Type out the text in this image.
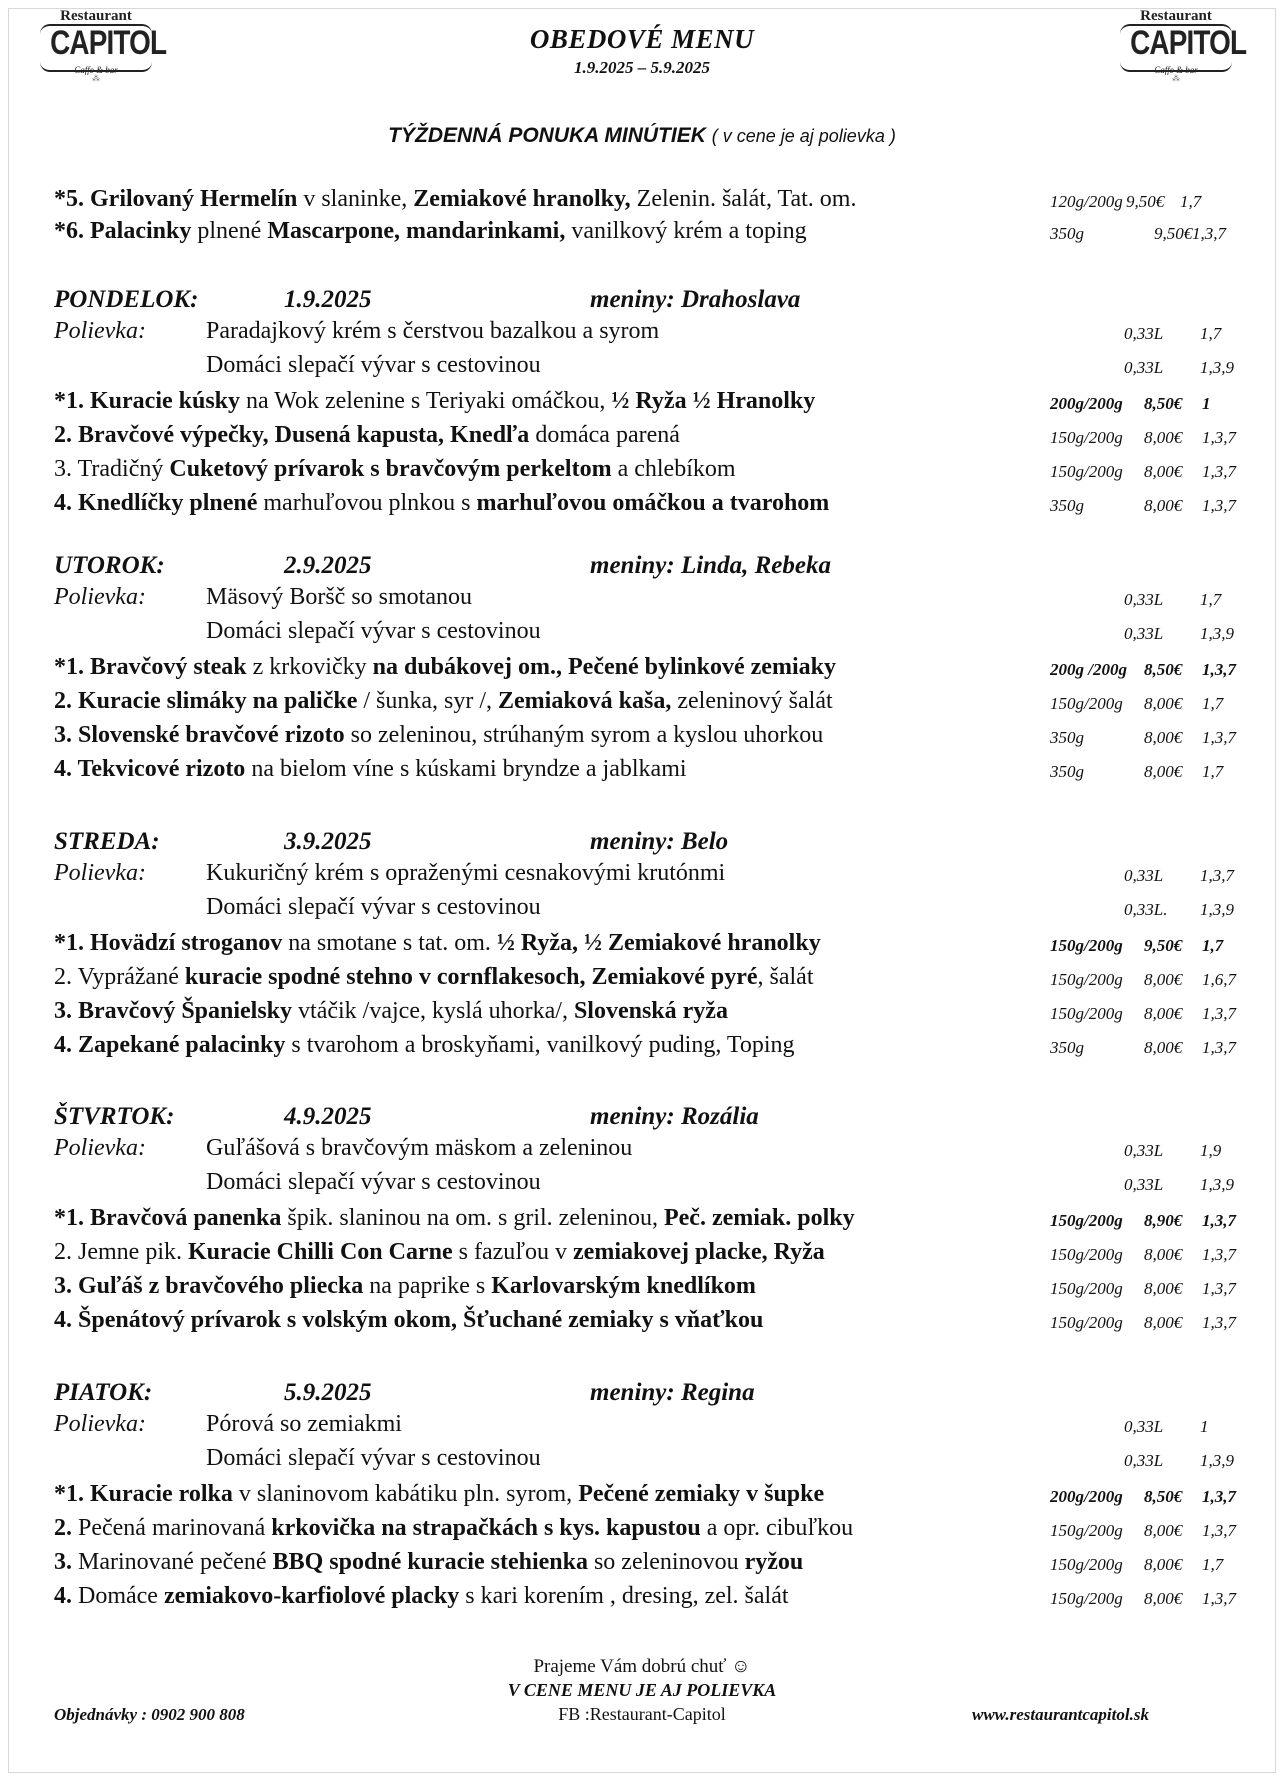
Restaurant
CAPITOL
Caffe & bar
⁂
Restaurant
CAPITOL
Caffe & bar
⁂
OBEDOVÉ MENU
1.9.2025 – 5.9.2025
TÝŽDENNÁ PONUKA MINÚTIEK ( v cene je aj polievka )
*5. Grilovaný Hermelín v slaninke, Zemiakové hranolky, Zelenin. šalát, Tat. om.	120g/200g 9,50€ 1,7
*6. Palacinky plnené Mascarpone, mandarinkami, vanilkový krém a toping	350g	9,50€ 1,3,7
PONDELOK:	1.9.2025	meniny: Drahoslava
Polievka:	Paradajkový krém s čerstvou bazalkou a syrom	0,33L 1,7
Domáci slepačí vývar s cestovinou	0,33L 1,3,9
*1. Kuracie kúsky na Wok zelenine s Teriyaki omáčkou, ½ Ryža ½ Hranolky	200g/200g 8,50€ 1
2. Bravčové výpečky, Dusená kapusta, Knedľa domáca parená	150g/200g 8,00€ 1,3,7
3. Tradičný Cuketový prívarok s bravčovým perkeltom a chlebíkom	150g/200g 8,00€ 1,3,7
4. Knedlíčky plnené marhuľovou plnkou s marhuľovou omáčkou a tvarohom	350g	8,00€ 1,3,7
UTOROK:	2.9.2025	meniny: Linda, Rebeka
Polievka:	Mäsový Boršč so smotanou	0,33L 1,7
Domáci slepačí vývar s cestovinou	0,33L 1,3,9
*1. Bravčový steak z krkovičky na dubákovej om., Pečené bylinkové zemiaky	200g /200g 8,50€ 1,3,7
2. Kuracie slimáky na paličke / šunka, syr /, Zemiaková kaša, zeleninový šalát	150g/200g 8,00€ 1,7
3. Slovenské bravčové rizoto so zeleninou, strúhaným syrom a kyslou uhorkou	350g	8,00€ 1,3,7
4. Tekvicové rizoto na bielom víne s kúskami bryndze a jablkami	350g	8,00€ 1,7
STREDA:	3.9.2025	meniny: Belo
Polievka:	Kukuričný krém s opraženými cesnakovými krutónmi	0,33L 1,3,7
Domáci slepačí vývar s cestovinou	0,33L. 1,3,9
*1. Hovädzí stroganov na smotane s tat. om. ½ Ryža, ½ Zemiakové hranolky	150g/200g 9,50€ 1,7
2. Vyprážané kuracie spodné stehno v cornflakesoch, Zemiakové pyré, šalát	150g/200g 8,00€ 1,6,7
3. Bravčový Španielsky vtáčik /vajce, kyslá uhorka/, Slovenská ryža	150g/200g 8,00€ 1,3,7
4. Zapekané palacinky s tvarohom a broskyňami, vanilkový puding, Toping	350g	8,00€ 1,3,7
ŠTVRTOK:	4.9.2025	meniny: Rozália
Polievka:	Guľášová s bravčovým mäskom a zeleninou	0,33L 1,9
Domáci slepačí vývar s cestovinou	0,33L 1,3,9
*1. Bravčová panenka špik. slaninou na om. s gril. zeleninou, Peč. zemiak. polky	150g/200g 8,90€ 1,3,7
2. Jemne pik. Kuracie Chilli Con Carne s fazuľou v zemiakovej placke, Ryža	150g/200g 8,00€ 1,3,7
3. Guľáš z bravčového pliecka na paprike s Karlovarským knedlíkom	150g/200g 8,00€ 1,3,7
4. Špenátový prívarok s volským okom, Šťuchané zemiaky s vňaťkou	150g/200g 8,00€ 1,3,7
PIATOK:	5.9.2025	meniny: Regina
Polievka:	Pórová so zemiakmi	0,33L 1
Domáci slepačí vývar s cestovinou	0,33L 1,3,9
*1. Kuracie rolka v slaninovom kabátiku pln. syrom, Pečené zemiaky v šupke	200g/200g 8,50€ 1,3,7
2. Pečená marinovaná krkovička na strapačkách s kys. kapustou a opr. cibuľkou	150g/200g 8,00€ 1,3,7
3. Marinované pečené BBQ spodné kuracie stehienka so zeleninovou ryžou	150g/200g 8,00€ 1,7
4. Domáce zemiakovo-karfiolové placky s kari korením , dresing, zel. šalát	150g/200g 8,00€ 1,3,7
Prajeme Vám dobrú chuť ☺
V CENE MENU JE AJ POLIEVKA
FB :Restaurant-Capitol
Objednávky : 0902 900 808	www.restaurantcapitol.sk
